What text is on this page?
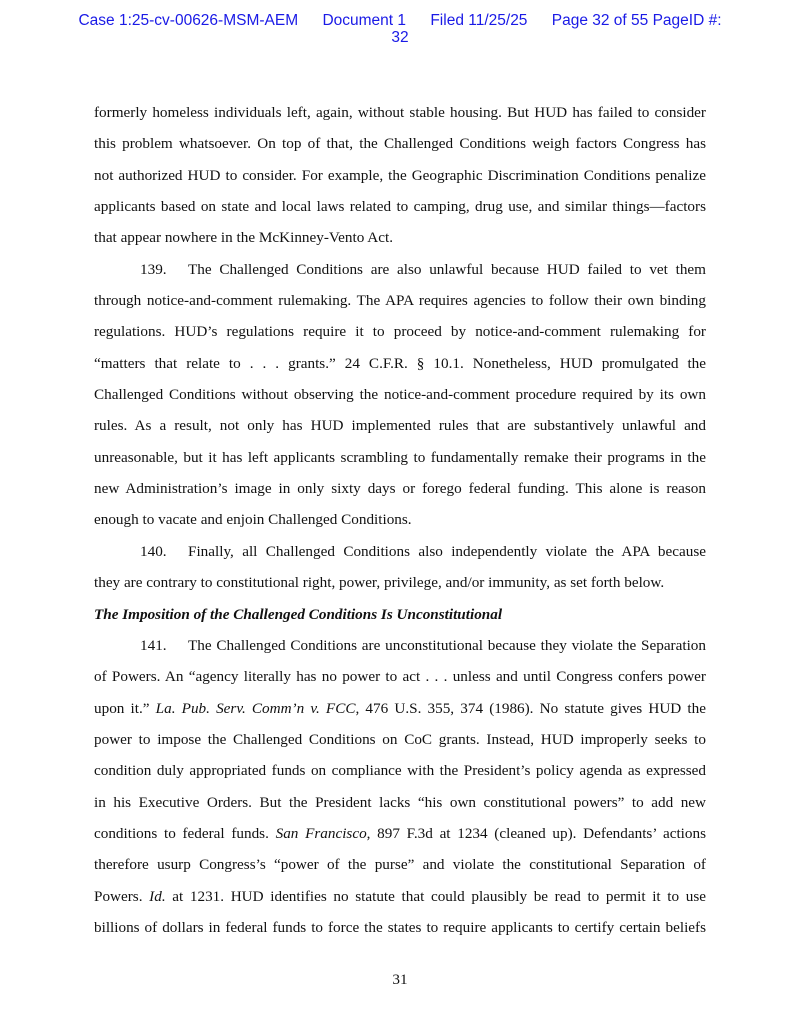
Case 1:25-cv-00626-MSM-AEM Document 1 Filed 11/25/25 Page 32 of 55 PageID #:
32
formerly homeless individuals left, again, without stable housing. But HUD has failed to consider
this problem whatsoever. On top of that, the Challenged Conditions weigh factors Congress has
not authorized HUD to consider. For example, the Geographic Discrimination Conditions penalize
applicants based on state and local laws related to camping, drug use, and similar things—factors
that appear nowhere in the McKinney-Vento Act.
139. The Challenged Conditions are also unlawful because HUD failed to vet them
through notice-and-comment rulemaking. The APA requires agencies to follow their own binding
regulations. HUD’s regulations require it to proceed by notice-and-comment rulemaking for
“matters that relate to . . . grants.” 24 C.F.R. § 10.1. Nonetheless, HUD promulgated the
Challenged Conditions without observing the notice-and-comment procedure required by its own
rules. As a result, not only has HUD implemented rules that are substantively unlawful and
unreasonable, but it has left applicants scrambling to fundamentally remake their programs in the
new Administration’s image in only sixty days or forego federal funding. This alone is reason
enough to vacate and enjoin Challenged Conditions.
140. Finally, all Challenged Conditions also independently violate the APA because
they are contrary to constitutional right, power, privilege, and/or immunity, as set forth below.
The Imposition of the Challenged Conditions Is Unconstitutional
141. The Challenged Conditions are unconstitutional because they violate the Separation
of Powers. An “agency literally has no power to act . . . unless and until Congress confers power
upon it.” La. Pub. Serv. Comm’n v. FCC, 476 U.S. 355, 374 (1986). No statute gives HUD the
power to impose the Challenged Conditions on CoC grants. Instead, HUD improperly seeks to
condition duly appropriated funds on compliance with the President’s policy agenda as expressed
in his Executive Orders. But the President lacks “his own constitutional powers” to add new
conditions to federal funds. San Francisco, 897 F.3d at 1234 (cleaned up). Defendants’ actions
therefore usurp Congress’s “power of the purse” and violate the constitutional Separation of
Powers. Id. at 1231. HUD identifies no statute that could plausibly be read to permit it to use
billions of dollars in federal funds to force the states to require applicants to certify certain beliefs
31
